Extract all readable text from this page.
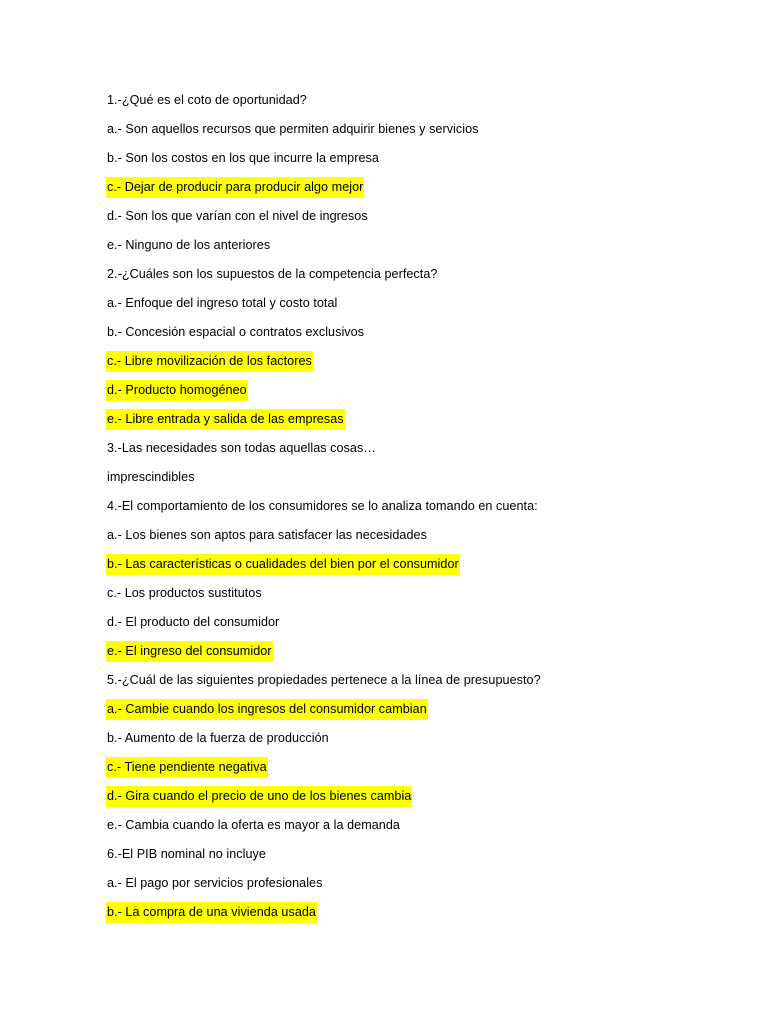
1.-¿Qué es el coto de oportunidad?
a.- Son aquellos recursos que permiten adquirir bienes y servicios
b.- Son los costos en los que incurre la empresa
c.- Dejar de producir para producir algo mejor
d.- Son los que varían con el nivel de ingresos
e.- Ninguno de los anteriores
2.-¿Cuáles son los supuestos de la competencia perfecta?
a.- Enfoque del ingreso total y costo total
b.- Concesión espacial o contratos exclusivos
c.- Libre movilización de los factores
d.- Producto homogéneo
e.- Libre entrada y salida de las empresas
3.-Las necesidades son todas aquellas cosas…
imprescindibles
4.-El comportamiento de los consumidores se lo analiza tomando en cuenta:
a.- Los bienes son aptos para satisfacer las necesidades
b.- Las características o cualidades del bien por el consumidor
c.- Los productos sustitutos
d.- El producto del consumidor
e.- El ingreso del consumidor
5.-¿Cuál de las siguientes propiedades pertenece a la línea de presupuesto?
a.- Cambie cuando los ingresos del consumidor cambian
b.- Aumento de la fuerza de producción
c.- Tiene pendiente negativa
d.- Gira cuando el precio de uno de los bienes cambia
e.- Cambia cuando la oferta es mayor a la demanda
6.-El PIB nominal no incluye
a.- El pago por servicios profesionales
b.- La compra de una vivienda usada
